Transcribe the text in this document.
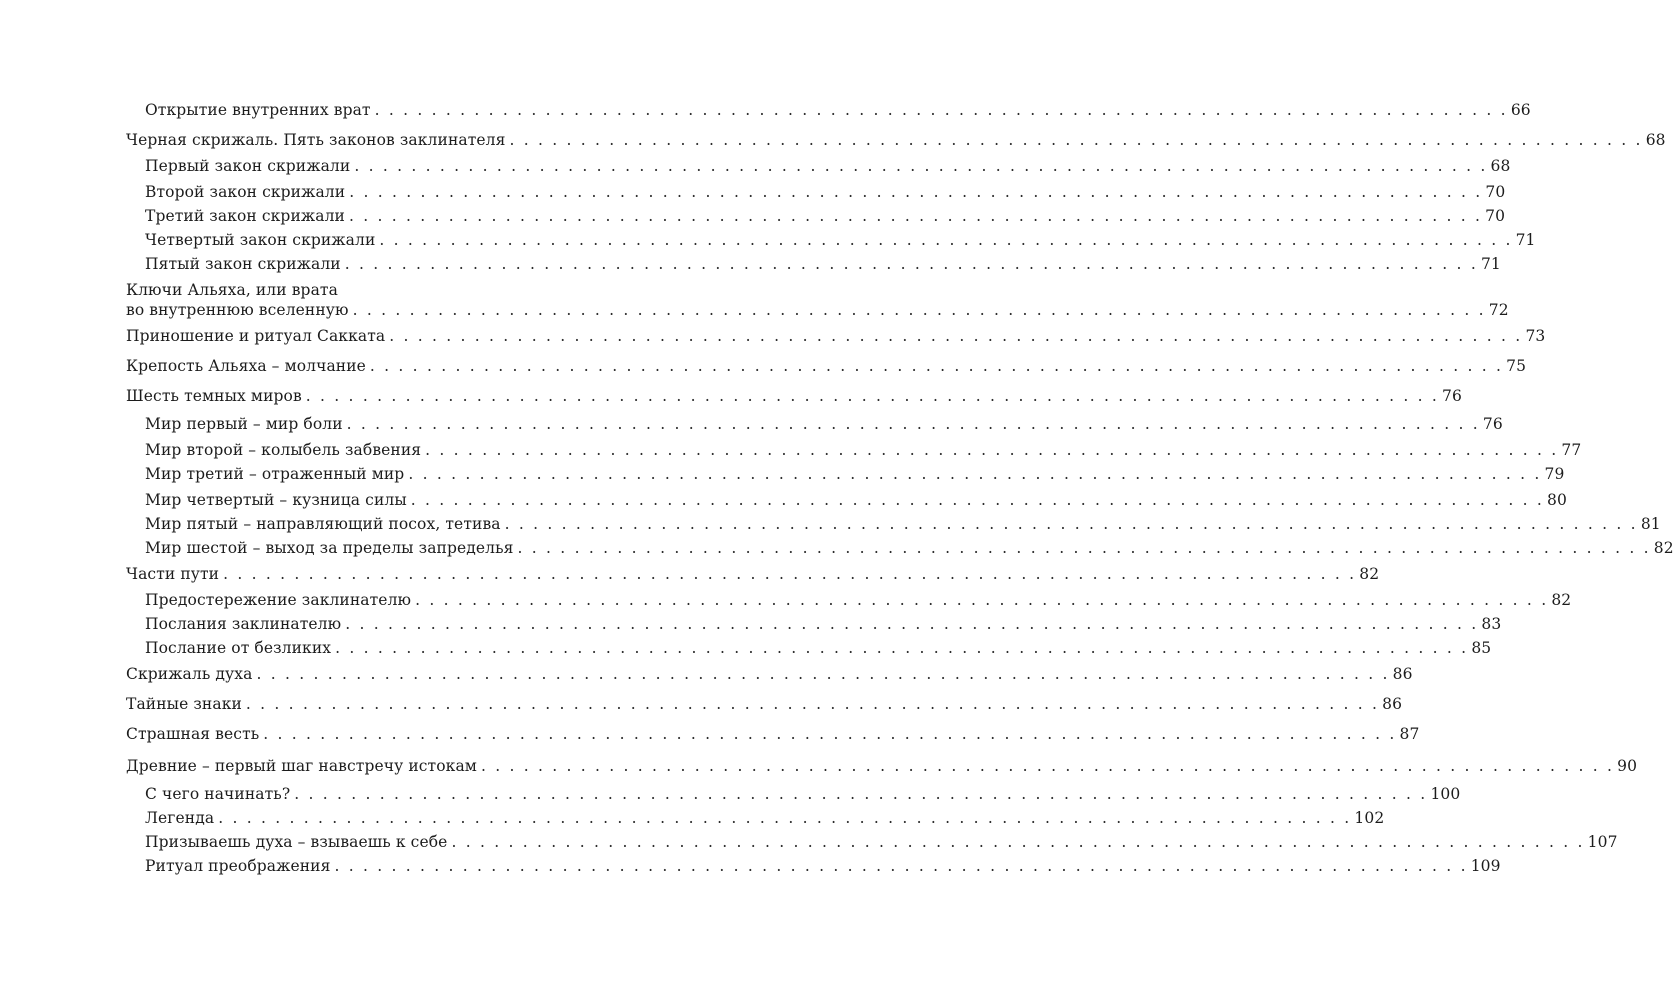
Открытие внутренних врат . . . . . . . . . . . . . . . . . . . . . . . . . . . . . . . . . . . . . . . . . . . . . . . . . . . . . . . . . . . . . . . . . . . . . . . . . . . . . . . . 66
Черная скрижаль. Пять законов заклинателя . . . . . . . . . . . . . . . . . . . . . . . . . . . . . . . . . . . . . . . . . . . . . . . . . . . . . . . . . . . . . . . . . . . . . . . . . . . . . . . . 68
Первый закон скрижали . . . . . . . . . . . . . . . . . . . . . . . . . . . . . . . . . . . . . . . . . . . . . . . . . . . . . . . . . . . . . . . . . . . . . . . . . . . . . . . . 68
Второй закон скрижали . . . . . . . . . . . . . . . . . . . . . . . . . . . . . . . . . . . . . . . . . . . . . . . . . . . . . . . . . . . . . . . . . . . . . . . . . . . . . . . . 70
Третий закон скрижали . . . . . . . . . . . . . . . . . . . . . . . . . . . . . . . . . . . . . . . . . . . . . . . . . . . . . . . . . . . . . . . . . . . . . . . . . . . . . . . . 70
Четвертый закон скрижали . . . . . . . . . . . . . . . . . . . . . . . . . . . . . . . . . . . . . . . . . . . . . . . . . . . . . . . . . . . . . . . . . . . . . . . . . . . . . . . . 71
Пятый закон скрижали . . . . . . . . . . . . . . . . . . . . . . . . . . . . . . . . . . . . . . . . . . . . . . . . . . . . . . . . . . . . . . . . . . . . . . . . . . . . . . . . 71
Ключи Альяха, или врата
во внутреннюю вселенную . . . . . . . . . . . . . . . . . . . . . . . . . . . . . . . . . . . . . . . . . . . . . . . . . . . . . . . . . . . . . . . . . . . . . . . . . . . . . . . . 72
Приношение и ритуал Сакката . . . . . . . . . . . . . . . . . . . . . . . . . . . . . . . . . . . . . . . . . . . . . . . . . . . . . . . . . . . . . . . . . . . . . . . . . . . . . . . . 73
Крепость Альяха – молчание . . . . . . . . . . . . . . . . . . . . . . . . . . . . . . . . . . . . . . . . . . . . . . . . . . . . . . . . . . . . . . . . . . . . . . . . . . . . . . . . 75
Шесть темных миров . . . . . . . . . . . . . . . . . . . . . . . . . . . . . . . . . . . . . . . . . . . . . . . . . . . . . . . . . . . . . . . . . . . . . . . . . . . . . . . . 76
Мир первый – мир боли . . . . . . . . . . . . . . . . . . . . . . . . . . . . . . . . . . . . . . . . . . . . . . . . . . . . . . . . . . . . . . . . . . . . . . . . . . . . . . . . 76
Мир второй – колыбель забвения . . . . . . . . . . . . . . . . . . . . . . . . . . . . . . . . . . . . . . . . . . . . . . . . . . . . . . . . . . . . . . . . . . . . . . . . . . . . . . . . 77
Мир третий – отраженный мир . . . . . . . . . . . . . . . . . . . . . . . . . . . . . . . . . . . . . . . . . . . . . . . . . . . . . . . . . . . . . . . . . . . . . . . . . . . . . . . . 79
Мир четвертый – кузница силы . . . . . . . . . . . . . . . . . . . . . . . . . . . . . . . . . . . . . . . . . . . . . . . . . . . . . . . . . . . . . . . . . . . . . . . . . . . . . . . . 80
Мир пятый – направляющий посох, тетива . . . . . . . . . . . . . . . . . . . . . . . . . . . . . . . . . . . . . . . . . . . . . . . . . . . . . . . . . . . . . . . . . . . . . . . . . . . . . . . . 81
Мир шестой – выход за пределы запределья . . . . . . . . . . . . . . . . . . . . . . . . . . . . . . . . . . . . . . . . . . . . . . . . . . . . . . . . . . . . . . . . . . . . . . . . . . . . . . . . 82
Части пути . . . . . . . . . . . . . . . . . . . . . . . . . . . . . . . . . . . . . . . . . . . . . . . . . . . . . . . . . . . . . . . . . . . . . . . . . . . . . . . . 82
Предостережение заклинателю . . . . . . . . . . . . . . . . . . . . . . . . . . . . . . . . . . . . . . . . . . . . . . . . . . . . . . . . . . . . . . . . . . . . . . . . . . . . . . . . 82
Послания заклинателю . . . . . . . . . . . . . . . . . . . . . . . . . . . . . . . . . . . . . . . . . . . . . . . . . . . . . . . . . . . . . . . . . . . . . . . . . . . . . . . . 83
Послание от безликих . . . . . . . . . . . . . . . . . . . . . . . . . . . . . . . . . . . . . . . . . . . . . . . . . . . . . . . . . . . . . . . . . . . . . . . . . . . . . . . . 85
Скрижаль духа . . . . . . . . . . . . . . . . . . . . . . . . . . . . . . . . . . . . . . . . . . . . . . . . . . . . . . . . . . . . . . . . . . . . . . . . . . . . . . . . 86
Тайные знаки . . . . . . . . . . . . . . . . . . . . . . . . . . . . . . . . . . . . . . . . . . . . . . . . . . . . . . . . . . . . . . . . . . . . . . . . . . . . . . . . 86
Страшная весть . . . . . . . . . . . . . . . . . . . . . . . . . . . . . . . . . . . . . . . . . . . . . . . . . . . . . . . . . . . . . . . . . . . . . . . . . . . . . . . . 87
Древние – первый шаг навстречу истокам . . . . . . . . . . . . . . . . . . . . . . . . . . . . . . . . . . . . . . . . . . . . . . . . . . . . . . . . . . . . . . . . . . . . . . . . . . . . . . . . 90
С чего начинать? . . . . . . . . . . . . . . . . . . . . . . . . . . . . . . . . . . . . . . . . . . . . . . . . . . . . . . . . . . . . . . . . . . . . . . . . . . . . . . . . 100
Легенда . . . . . . . . . . . . . . . . . . . . . . . . . . . . . . . . . . . . . . . . . . . . . . . . . . . . . . . . . . . . . . . . . . . . . . . . . . . . . . . . 102
Призываешь духа – взываешь к себе . . . . . . . . . . . . . . . . . . . . . . . . . . . . . . . . . . . . . . . . . . . . . . . . . . . . . . . . . . . . . . . . . . . . . . . . . . . . . . . . 107
Ритуал преображения . . . . . . . . . . . . . . . . . . . . . . . . . . . . . . . . . . . . . . . . . . . . . . . . . . . . . . . . . . . . . . . . . . . . . . . . . . . . . . . . 109
